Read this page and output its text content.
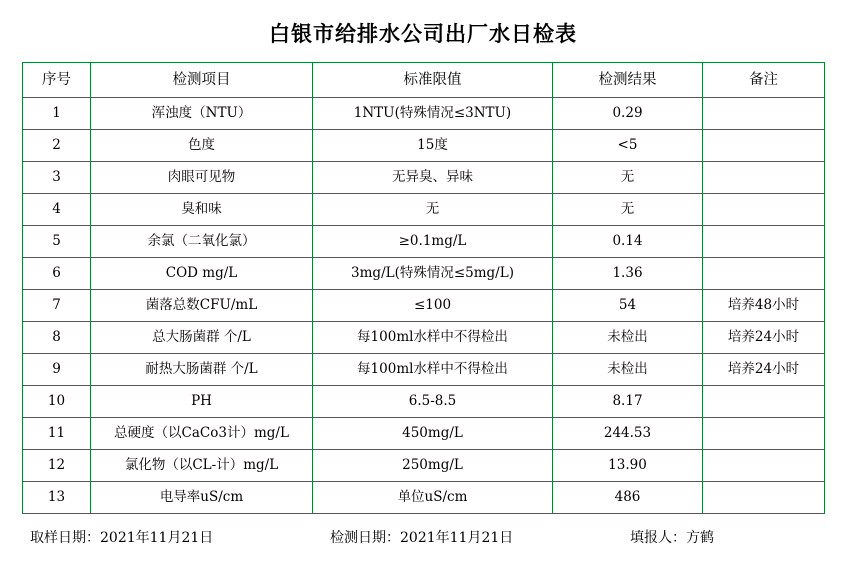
白银市给排水公司出厂水日检表
序号	检测项目	标准限值	检测结果	备注
1	浑浊度（NTU）	1NTU(特殊情况≤3NTU)	0.29	
2	色度	15度	<5	
3	肉眼可见物	无异臭、异味	无	
4	臭和味	无	无	
5	余氯（二氧化氯）	≥0.1mg/L	0.14	
6	COD mg/L	3mg/L(特殊情况≤5mg/L)	1.36	
7	菌落总数CFU/mL	≤100	54	培养48小时
8	总大肠菌群 个/L	每100ml水样中不得检出	未检出	培养24小时
9	耐热大肠菌群 个/L	每100ml水样中不得检出	未检出	培养24小时
10	PH	6.5-8.5	8.17	
11	总硬度（以CaCo3计）mg/L	450mg/L	244.53	
12	氯化物（以CL-计）mg/L	250mg/L	13.90	
13	电导率uS/cm	单位uS/cm	486	
取样日期：2021年11月21日	检测日期：2021年11月21日	填报人：方鹤
